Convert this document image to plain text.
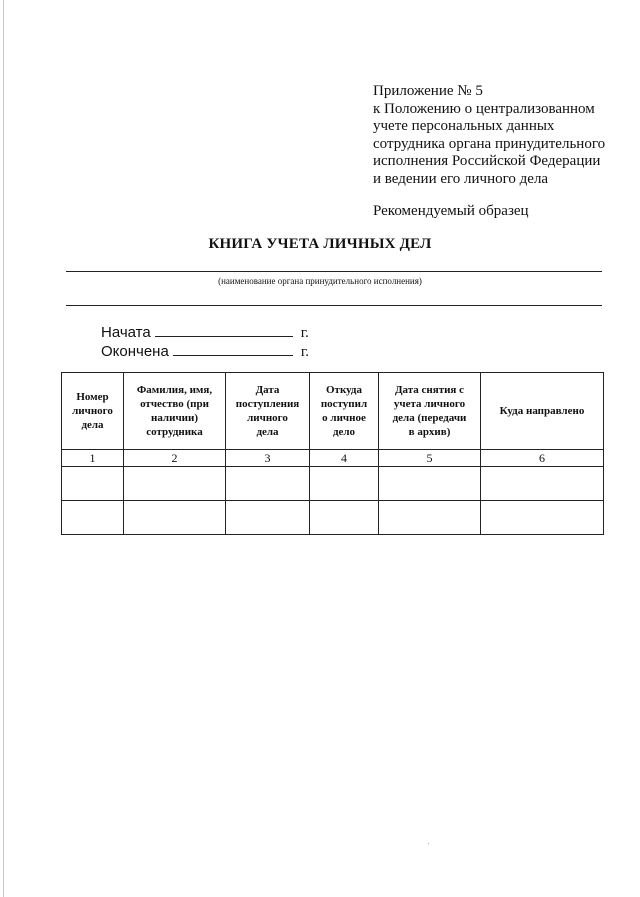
Приложение № 5
к Положению о централизованном
учете персональных данных
сотрудника органа принудительного
исполнения Российской Федерации
и ведении его личного дела
Рекомендуемый образец
КНИГА УЧЕТА ЛИЧНЫХ ДЕЛ
(наименование органа принудительного исполнения)
Начата	г.
Окончена	г.
Номер
личного
дела	Фамилия, имя,
отчество (при
наличии)
сотрудника	Дата
поступления
личного
дела	Откуда
поступил
о личное
дело	Дата снятия с
учета личного
дела (передачи
в архив)	Куда направлено

1	2	3	4	5	6
